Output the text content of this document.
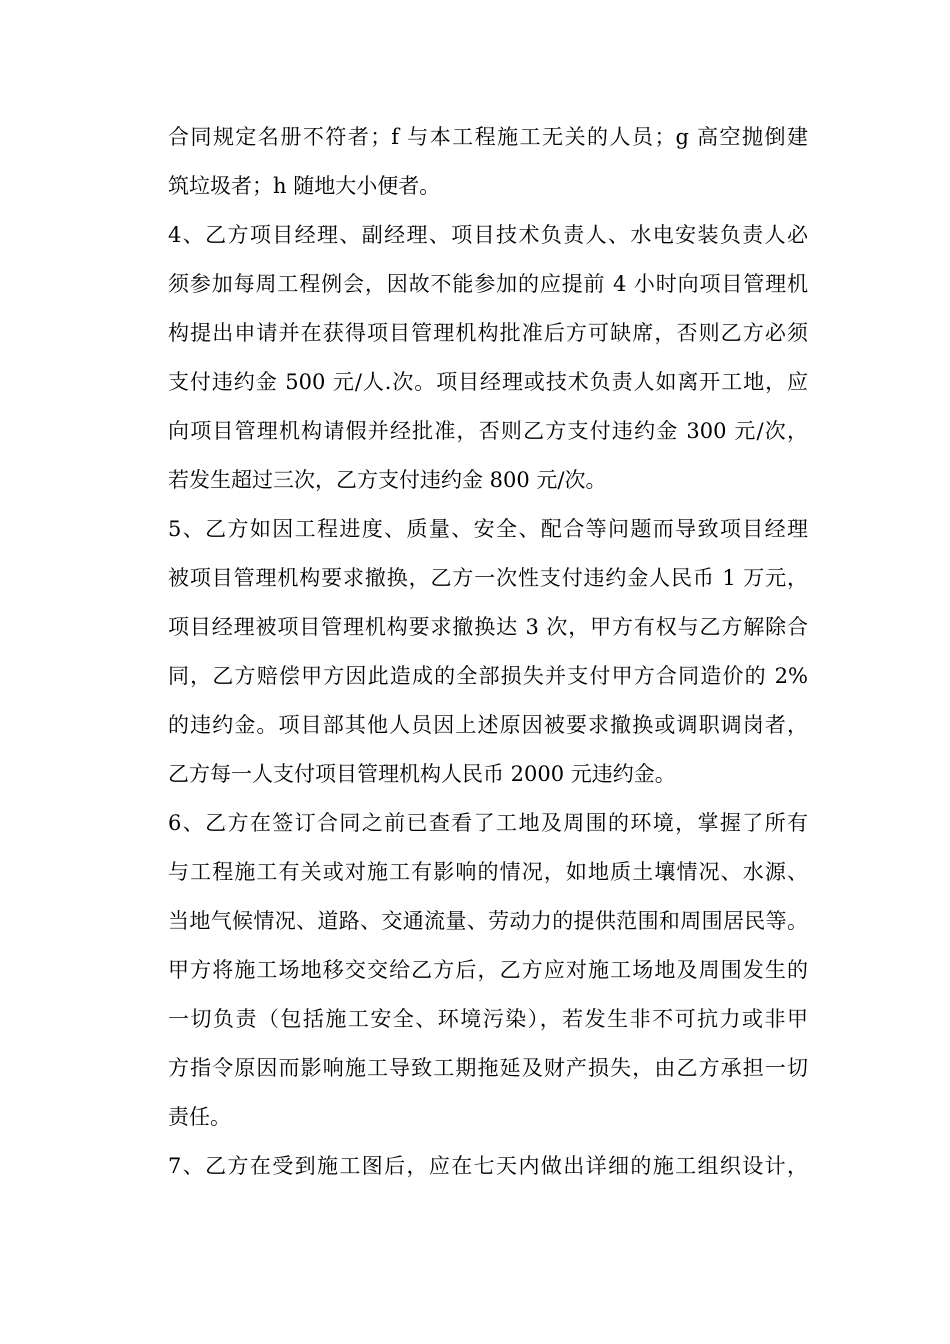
合同规定名册不符者；f 与本工程施工无关的人员；g 高空抛倒建
筑垃圾者；h 随地大小便者。
4、乙方项目经理、副经理、项目技术负责人、水电安装负责人必
须参加每周工程例会，因故不能参加的应提前 4 小时向项目管理机
构提出申请并在获得项目管理机构批准后方可缺席，否则乙方必须
支付违约金 500 元/人.次。项目经理或技术负责人如离开工地，应
向项目管理机构请假并经批准，否则乙方支付违约金 300 元/次，
若发生超过三次，乙方支付违约金 800 元/次。
5、乙方如因工程进度、质量、安全、配合等问题而导致项目经理
被项目管理机构要求撤换，乙方一次性支付违约金人民币 1 万元，
项目经理被项目管理机构要求撤换达 3 次，甲方有权与乙方解除合
同，乙方赔偿甲方因此造成的全部损失并支付甲方合同造价的 2%
的违约金。项目部其他人员因上述原因被要求撤换或调职调岗者，
乙方每一人支付项目管理机构人民币 2000 元违约金。
6、乙方在签订合同之前已查看了工地及周围的环境，掌握了所有
与工程施工有关或对施工有影响的情况，如地质土壤情况、水源、
当地气候情况、道路、交通流量、劳动力的提供范围和周围居民等。
甲方将施工场地移交交给乙方后，乙方应对施工场地及周围发生的
一切负责（包括施工安全、环境污染），若发生非不可抗力或非甲
方指令原因而影响施工导致工期拖延及财产损失，由乙方承担一切
责任。
7、乙方在受到施工图后，应在七天内做出详细的施工组织设计，
